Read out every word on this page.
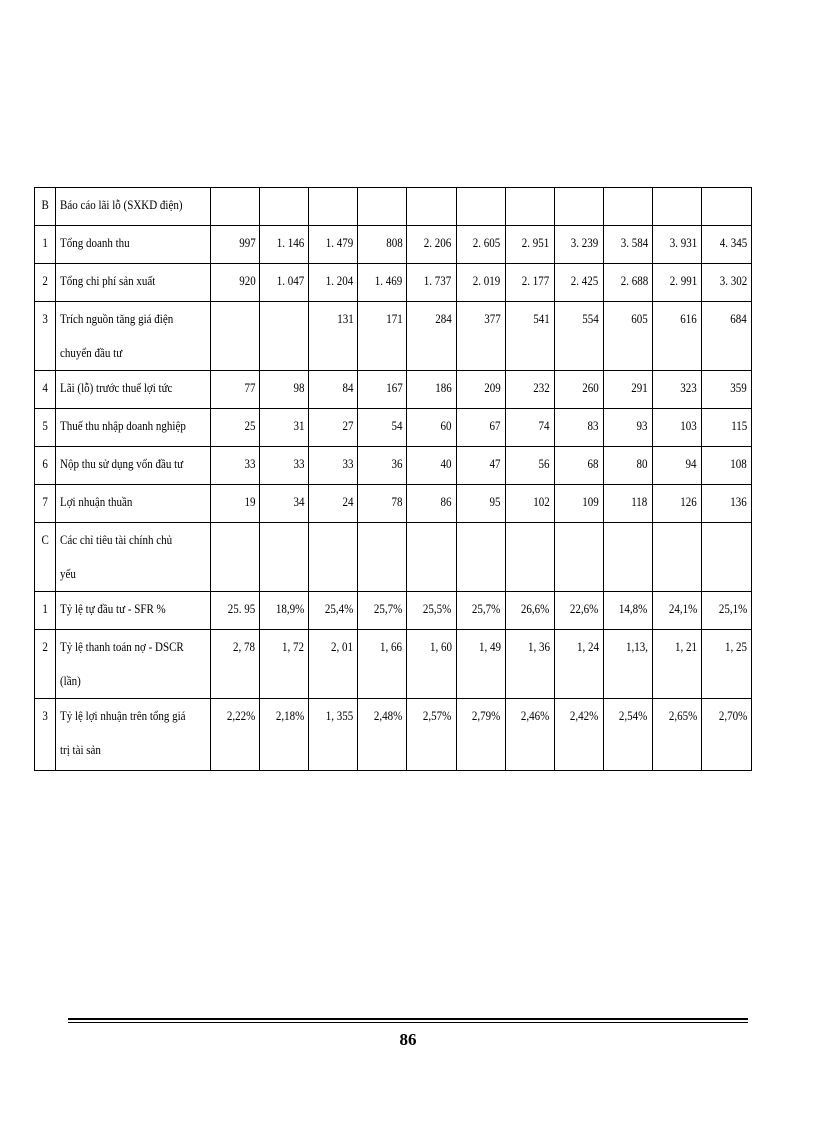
B	Báo cáo lãi lỗ (SXKD điện)											
1	Tổng doanh thu	997	1. 146	1. 479	808	2. 206	2. 605	2. 951	3. 239	3. 584	3. 931	4. 345
2	Tổng chi phí sản xuất	920	1. 047	1. 204	1. 469	1. 737	2. 019	2. 177	2. 425	2. 688	2. 991	3. 302
3	Trích nguồn tăng giá điện chuyển đầu tư			131	171	284	377	541	554	605	616	684
4	Lãi (lỗ) trước thuế lợi tức	77	98	84	167	186	209	232	260	291	323	359
5	Thuế thu nhập doanh nghiệp	25	31	27	54	60	67	74	83	93	103	115
6	Nộp thu sử dụng vốn đầu tư	33	33	33	36	40	47	56	68	80	94	108
7	Lợi nhuận thuần	19	34	24	78	86	95	102	109	118	126	136
C	Các chỉ tiêu tài chính chủ yếu											
1	Tỷ lệ tự đầu tư - SFR %	25. 95	18,9%	25,4%	25,7%	25,5%	25,7%	26,6%	22,6%	14,8%	24,1%	25,1%
2	Tỷ lệ thanh toán nợ - DSCR (lần)	2, 78	1, 72	2, 01	1, 66	1, 60	1, 49	1, 36	1, 24	1,13,	1, 21	1, 25
3	Tỷ lệ lợi nhuận trên tổng giá trị tài sản	2,22%	2,18%	1, 355	2,48%	2,57%	2,79%	2,46%	2,42%	2,54%	2,65%	2,70%
86
